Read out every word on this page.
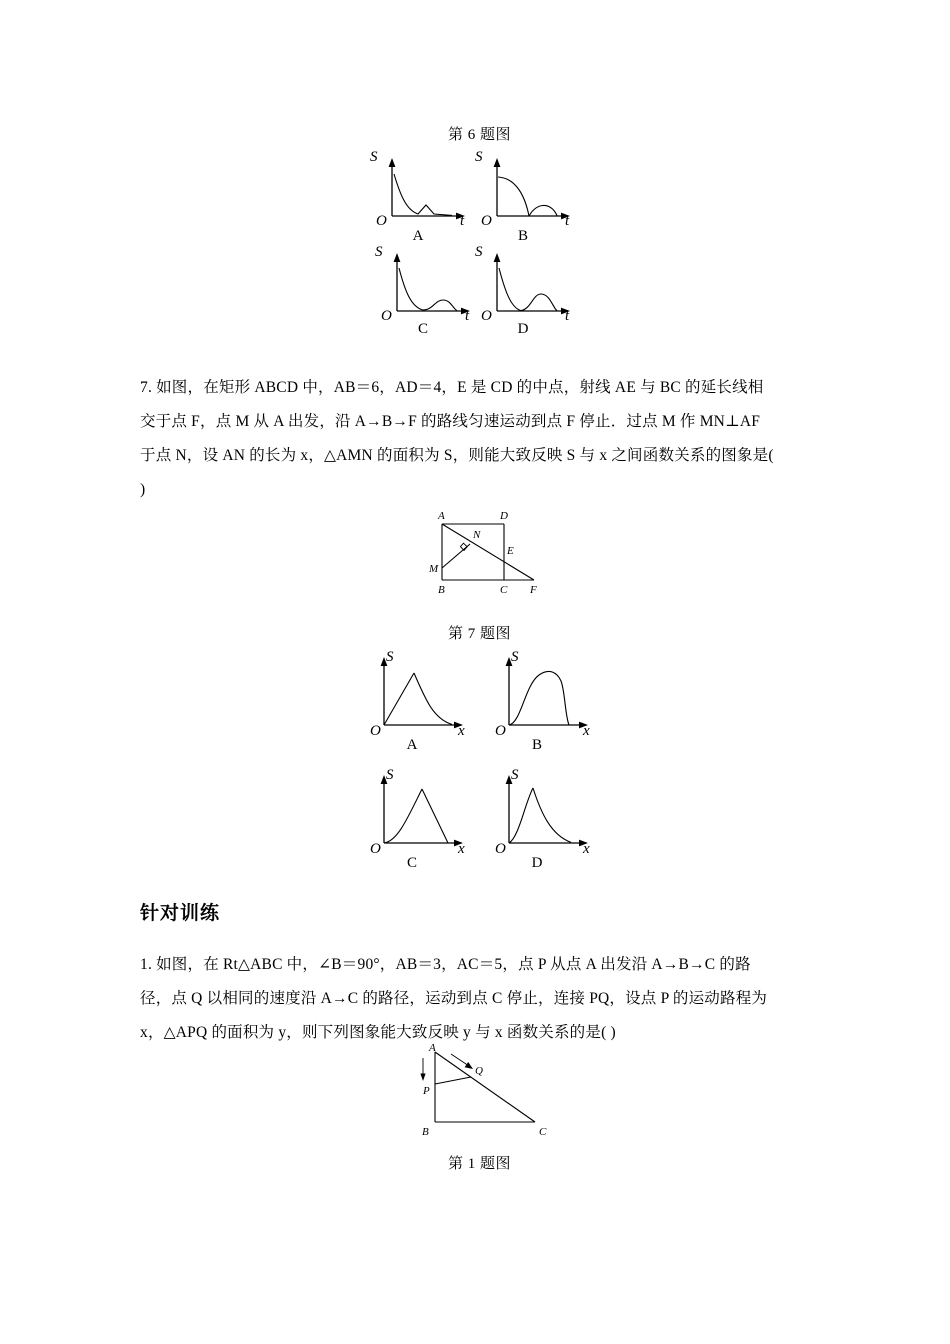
第 6 题图
S
O	t
A
S
O	t
B
S
O	t
C
S
O	t
D
7. 如图，在矩形 ABCD 中，AB＝6，AD＝4，E 是 CD 的中点，射线 AE 与 BC 的延长线相
交于点 F，点 M 从 A 出发，沿 A→B→F 的路线匀速运动到点 F 停止．过点 M 作 MN⊥AF
于点 N，设 AN 的长为 x，△AMN 的面积为 S，则能大致反映 S 与 x 之间函数关系的图象是(
)
A	D
N
E
M
B	C F
第 7 题图
S
O	x
A
S
O	x
B
S
O	x
C
S
O	x
D
针对训练
1. 如图，在 Rt△ABC 中，∠B＝90°，AB＝3，AC＝5，点 P 从点 A 出发沿 A→B→C 的路
径，点 Q 以相同的速度沿 A→C 的路径，运动到点 C 停止，连接 PQ，设点 P 的运动路程为
x，△APQ 的面积为 y，则下列图象能大致反映 y 与 x 函数关系的是( )
A
Q
P
B	C
第 1 题图
